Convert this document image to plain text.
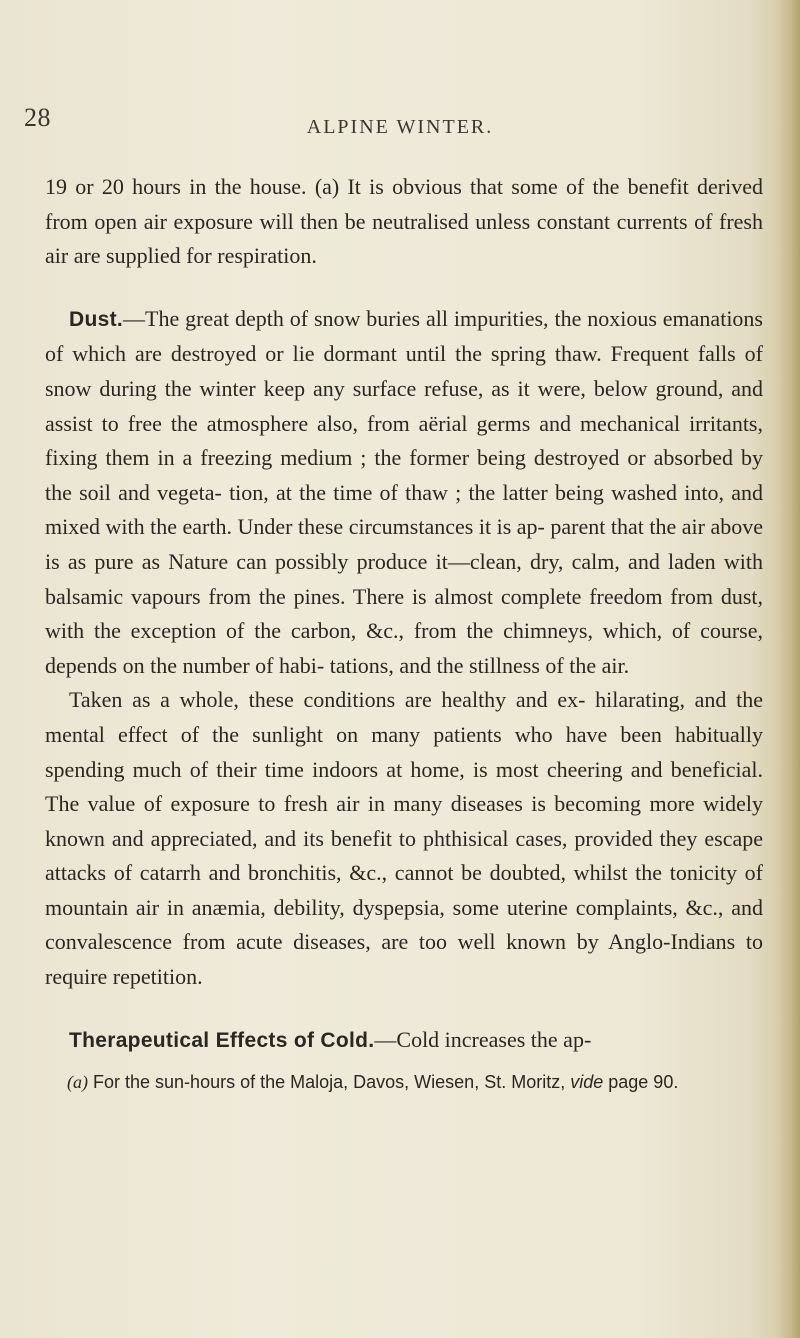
28	ALPINE WINTER.

19 or 20 hours in the house. (a) It is obvious that some of the benefit derived from open air exposure will then be neutralised unless constant currents of fresh air are supplied for respiration.

Dust.—The great depth of snow buries all impurities, the noxious emanations of which are destroyed or lie dormant until the spring thaw. Frequent falls of snow during the winter keep any surface refuse, as it were, below ground, and assist to free the atmosphere also, from aërial germs and mechanical irritants, fixing them in a freezing medium ; the former being destroyed or absorbed by the soil and vegeta- tion, at the time of thaw ; the latter being washed into, and mixed with the earth. Under these circumstances it is ap- parent that the air above is as pure as Nature can possibly produce it—clean, dry, calm, and laden with balsamic vapours from the pines. There is almost complete freedom from dust, with the exception of the carbon, &c., from the chimneys, which, of course, depends on the number of habi- tations, and the stillness of the air.

Taken as a whole, these conditions are healthy and ex- hilarating, and the mental effect of the sunlight on many patients who have been habitually spending much of their time indoors at home, is most cheering and beneficial. The value of exposure to fresh air in many diseases is becoming more widely known and appreciated, and its benefit to phthisical cases, provided they escape attacks of catarrh and bronchitis, &c., cannot be doubted, whilst the tonicity of mountain air in anæmia, debility, dyspepsia, some uterine complaints, &c., and convalescence from acute diseases, are too well known by Anglo-Indians to require repetition.

Therapeutical Effects of Cold.—Cold increases the ap-

(a) For the sun-hours of the Maloja, Davos, Wiesen, St. Moritz, vide page 90.
